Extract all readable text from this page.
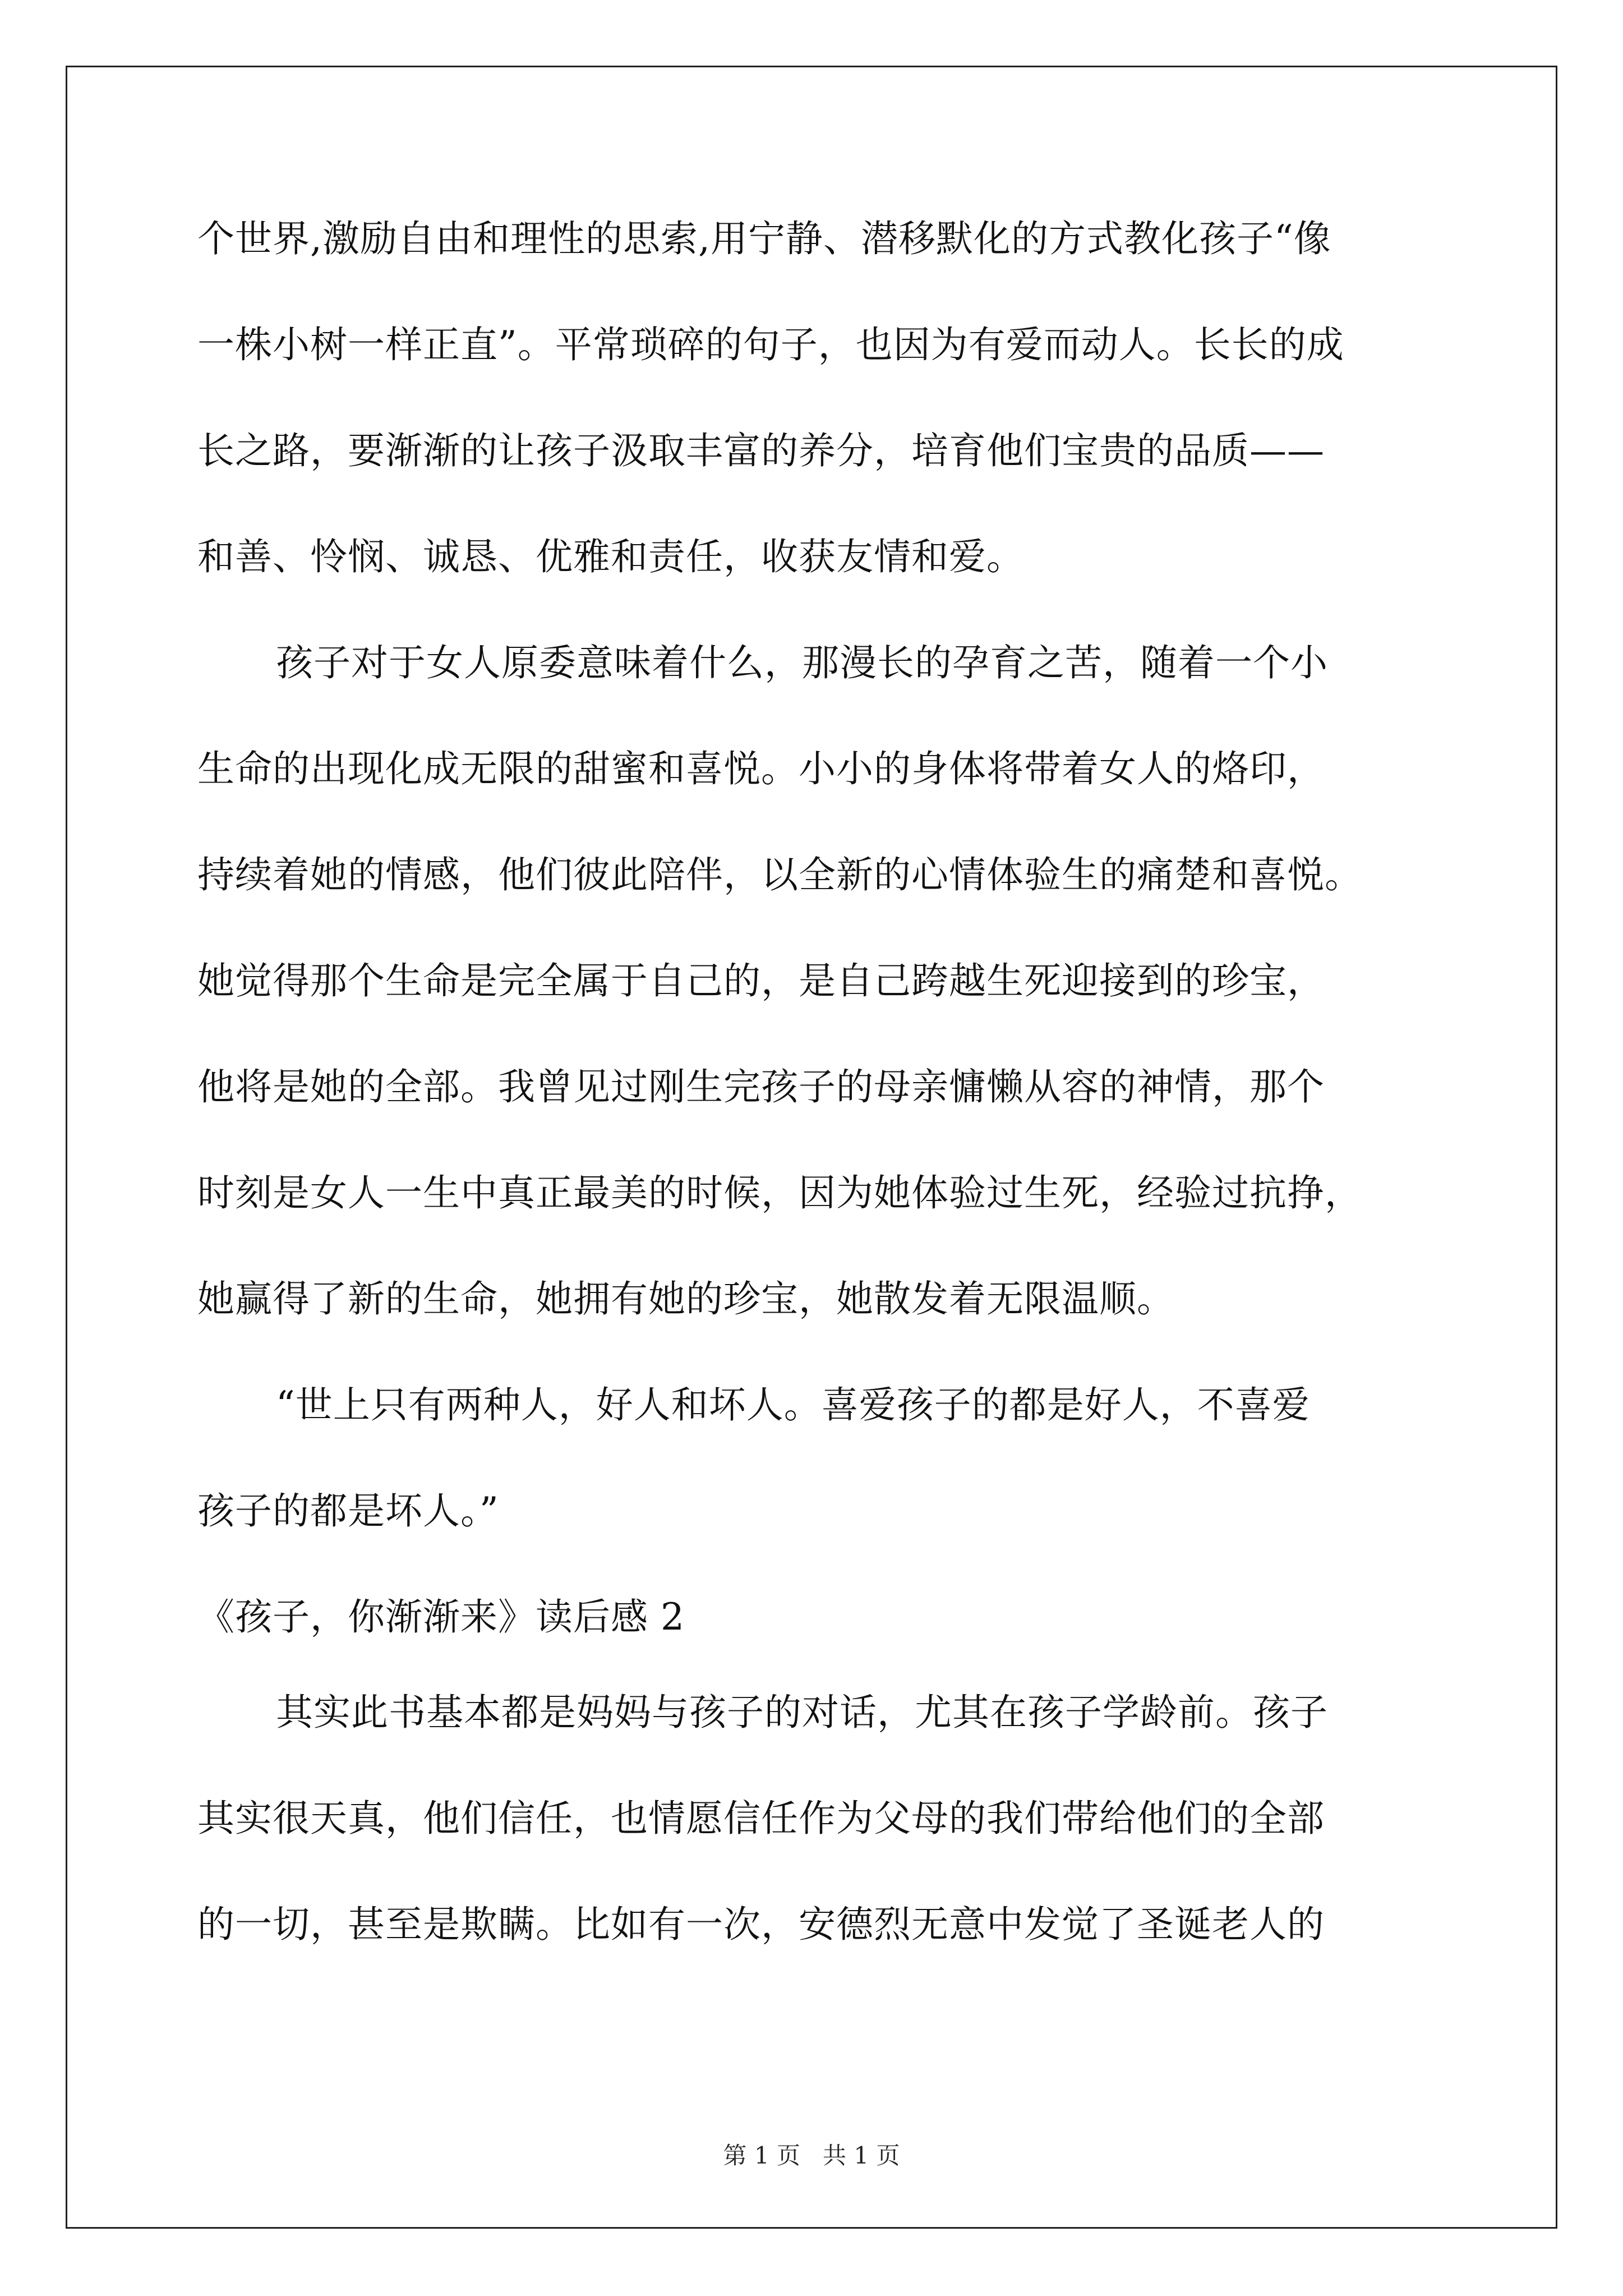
个世界,激励自由和理性的思索,用宁静、潜移默化的方式教化孩子“像
一株小树一样正直”。平常琐碎的句子，也因为有爱而动人。长长的成
长之路，要渐渐的让孩子汲取丰富的养分，培育他们宝贵的品质——
和善、怜悯、诚恳、优雅和责任，收获友情和爱。
孩子对于女人原委意味着什么，那漫长的孕育之苦，随着一个小
生命的出现化成无限的甜蜜和喜悦。小小的身体将带着女人的烙印，
持续着她的情感，他们彼此陪伴，以全新的心情体验生的痛楚和喜悦。
她觉得那个生命是完全属于自己的，是自己跨越生死迎接到的珍宝，
他将是她的全部。我曾见过刚生完孩子的母亲慵懒从容的神情，那个
时刻是女人一生中真正最美的时候，因为她体验过生死，经验过抗挣，
她赢得了新的生命，她拥有她的珍宝，她散发着无限温顺。
“世上只有两种人，好人和坏人。喜爱孩子的都是好人，不喜爱
孩子的都是坏人。”
《孩子，你渐渐来》读后感 2
其实此书基本都是妈妈与孩子的对话，尤其在孩子学龄前。孩子
其实很天真，他们信任，也情愿信任作为父母的我们带给他们的全部
的一切，甚至是欺瞒。比如有一次，安德烈无意中发觉了圣诞老人的
第 1 页   共 1 页
